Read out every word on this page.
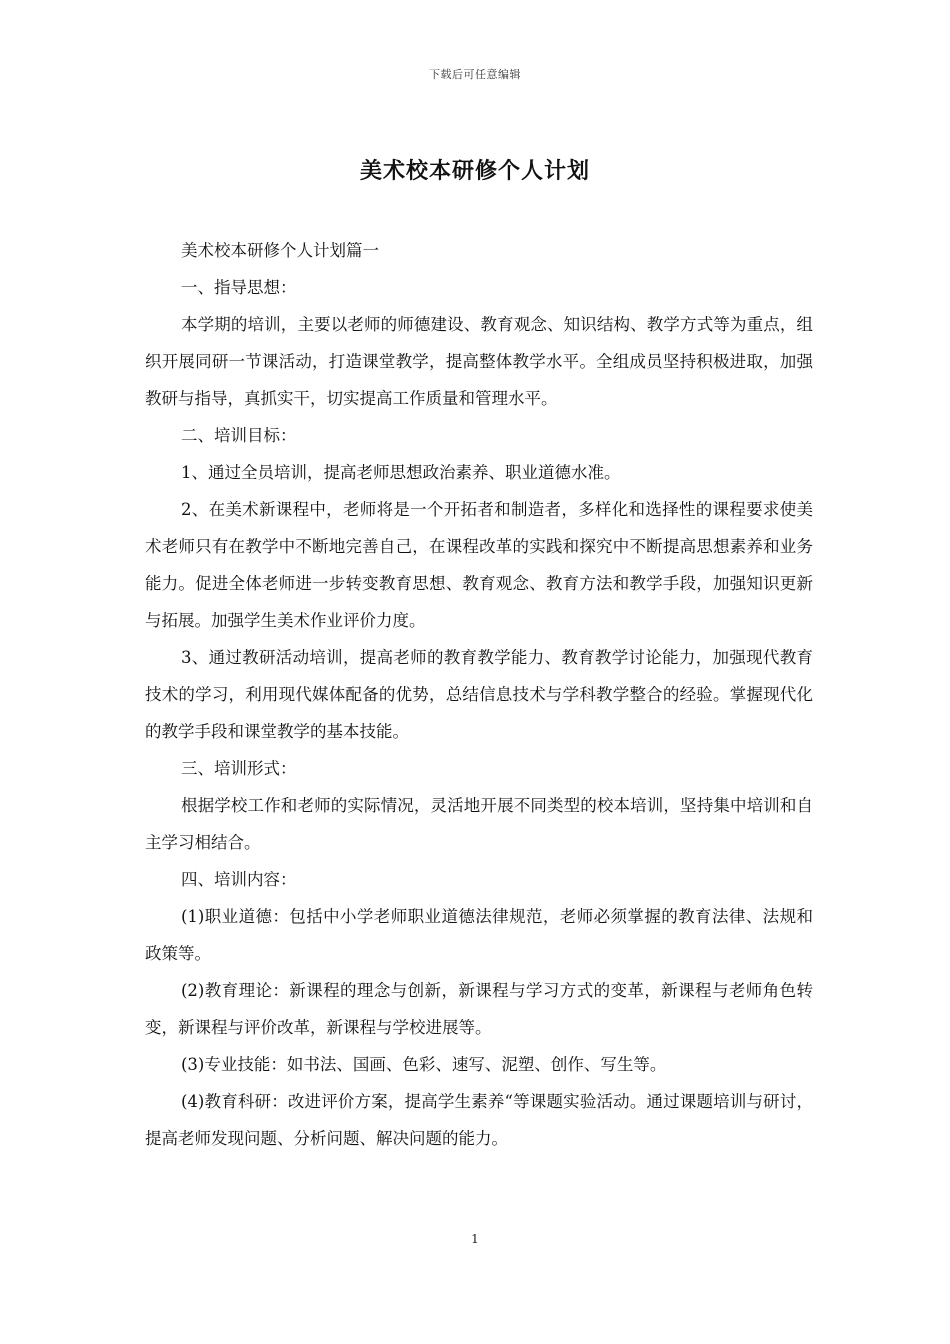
下载后可任意编辑
美术校本研修个人计划

美术校本研修个人计划篇一

一、指导思想：

本学期的培训，主要以老师的师德建设、教育观念、知识结构、教学方式等为重点，组织开展同研一节课活动，打造课堂教学，提高整体教学水平。全组成员坚持积极进取，加强教研与指导，真抓实干，切实提高工作质量和管理水平。

二、培训目标：

1、通过全员培训，提高老师思想政治素养、职业道德水准。

2、在美术新课程中，老师将是一个开拓者和制造者，多样化和选择性的课程要求使美术老师只有在教学中不断地完善自己，在课程改革的实践和探究中不断提高思想素养和业务能力。促进全体老师进一步转变教育思想、教育观念、教育方法和教学手段，加强知识更新与拓展。加强学生美术作业评价力度。

3、通过教研活动培训，提高老师的教育教学能力、教育教学讨论能力，加强现代教育技术的学习，利用现代媒体配备的优势，总结信息技术与学科教学整合的经验。掌握现代化的教学手段和课堂教学的基本技能。

三、培训形式：

根据学校工作和老师的实际情况，灵活地开展不同类型的校本培训，坚持集中培训和自主学习相结合。

四、培训内容：

(1)职业道德：包括中小学老师职业道德法律规范，老师必须掌握的教育法律、法规和政策等。

(2)教育理论：新课程的理念与创新，新课程与学习方式的变革，新课程与老师角色转变，新课程与评价改革，新课程与学校进展等。

(3)专业技能：如书法、国画、色彩、速写、泥塑、创作、写生等。

(4)教育科研：改进评价方案，提高学生素养“等课题实验活动。通过课题培训与研讨，提高老师发现问题、分析问题、解决问题的能力。

1
